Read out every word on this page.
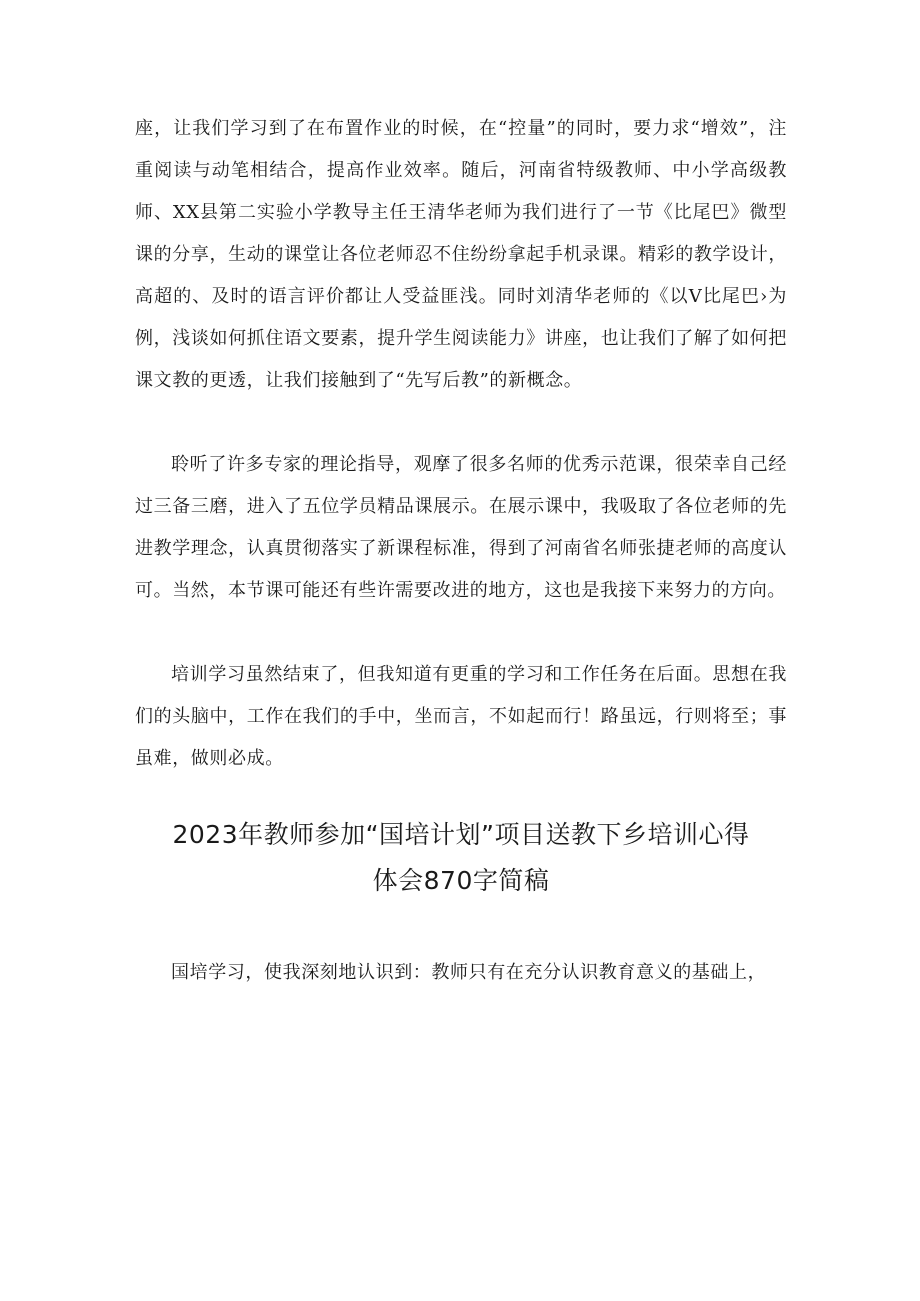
座，让我们学习到了在布置作业的时候，在“控量”的同时，要力求“增效”，注重阅读与动笔相结合，提高作业效率。随后，河南省特级教师、中小学高级教师、XX县第二实验小学教导主任王清华老师为我们进行了一节《比尾巴》微型课的分享，生动的课堂让各位老师忍不住纷纷拿起手机录课。精彩的教学设计，高超的、及时的语言评价都让人受益匪浅。同时刘清华老师的《以V比尾巴›为例，浅谈如何抓住语文要素，提升学生阅读能力》讲座，也让我们了解了如何把课文教的更透，让我们接触到了“先写后教”的新概念。

聆听了许多专家的理论指导，观摩了很多名师的优秀示范课，很荣幸自己经过三备三磨，进入了五位学员精品课展示。在展示课中，我吸取了各位老师的先进教学理念，认真贯彻落实了新课程标准，得到了河南省名师张捷老师的高度认可。当然，本节课可能还有些许需要改进的地方，这也是我接下来努力的方向。

培训学习虽然结束了，但我知道有更重的学习和工作任务在后面。思想在我们的头脑中，工作在我们的手中，坐而言，不如起而行！路虽远，行则将至；事虽难，做则必成。

2023年教师参加“国培计划”项目送教下乡培训心得
体会870字简稿

国培学习，使我深刻地认识到：教师只有在充分认识教育意义的基础上，
